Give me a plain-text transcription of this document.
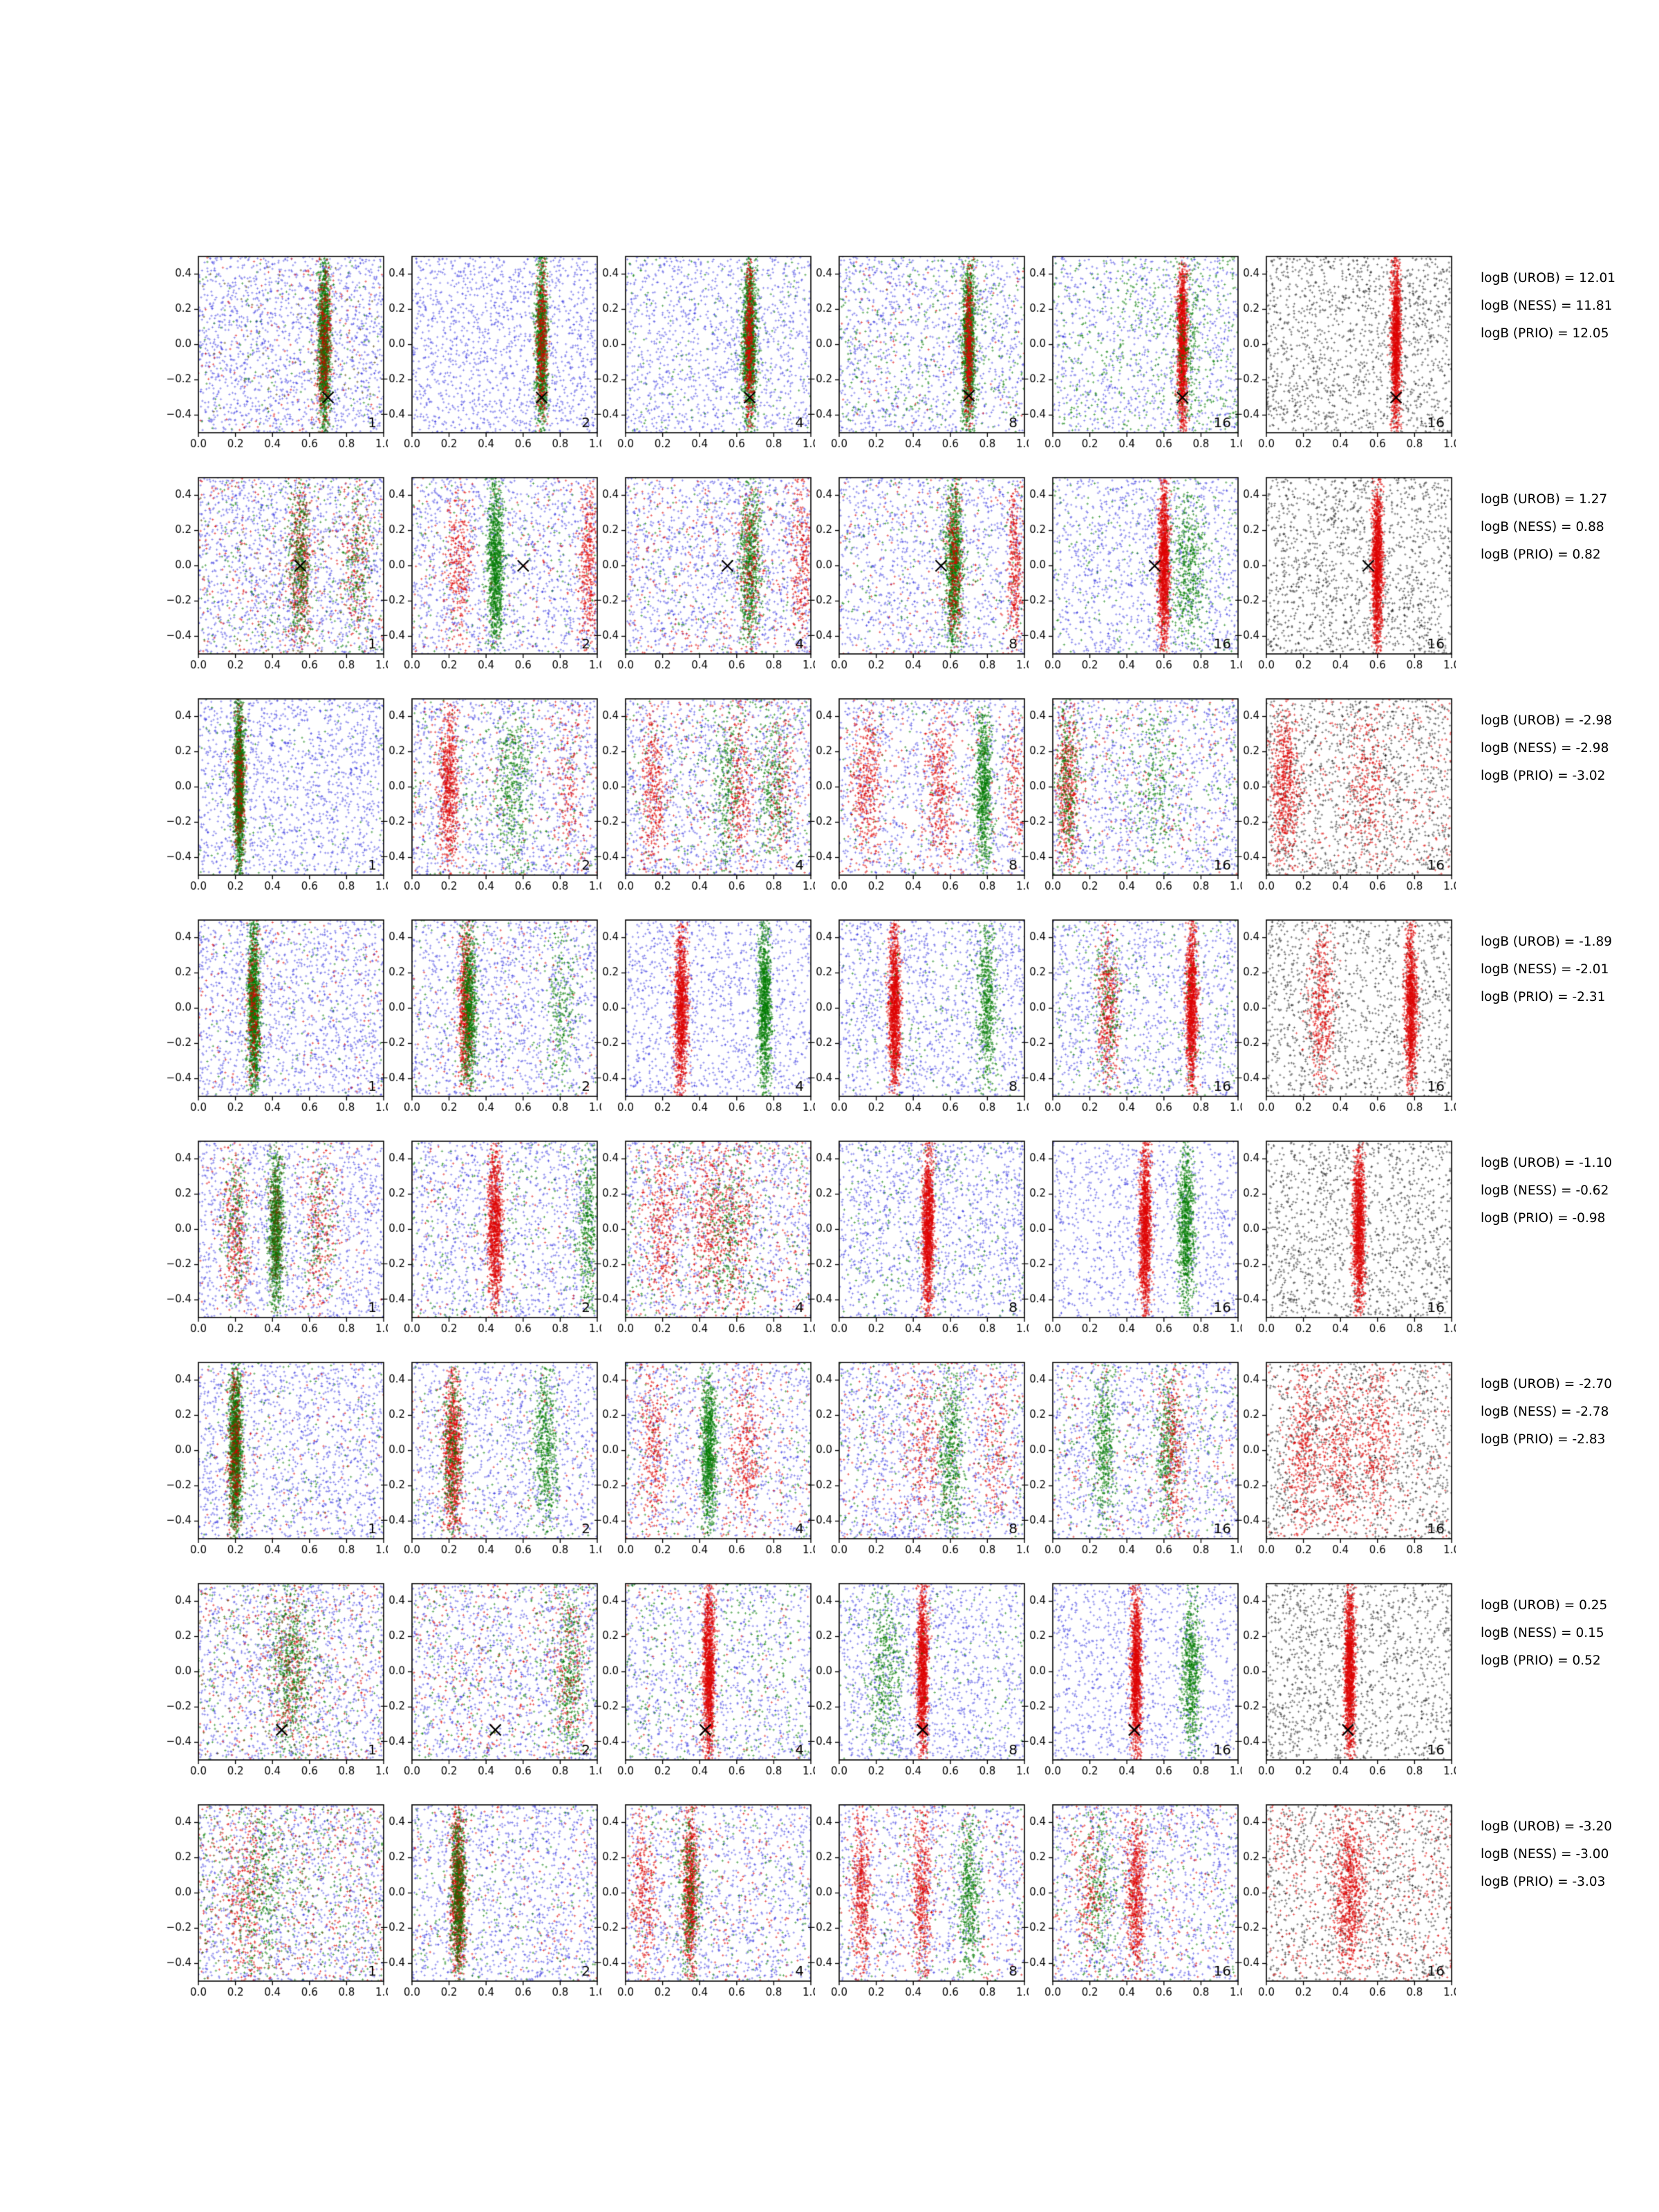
logB (UROB) = 12.01
logB (NESS) = 11.81
logB (PRIO) = 12.05
logB (UROB) = 1.27
logB (NESS) = 0.88
logB (PRIO) = 0.82
logB (UROB) = -2.98
logB (NESS) = -2.98
logB (PRIO) = -3.02
logB (UROB) = -1.89
logB (NESS) = -2.01
logB (PRIO) = -2.31
logB (UROB) = -1.10
logB (NESS) = -0.62
logB (PRIO) = -0.98
logB (UROB) = -2.70
logB (NESS) = -2.78
logB (PRIO) = -2.83
logB (UROB) = 0.25
logB (NESS) = 0.15
logB (PRIO) = 0.52
logB (UROB) = -3.20
logB (NESS) = -3.00
logB (PRIO) = -3.03
